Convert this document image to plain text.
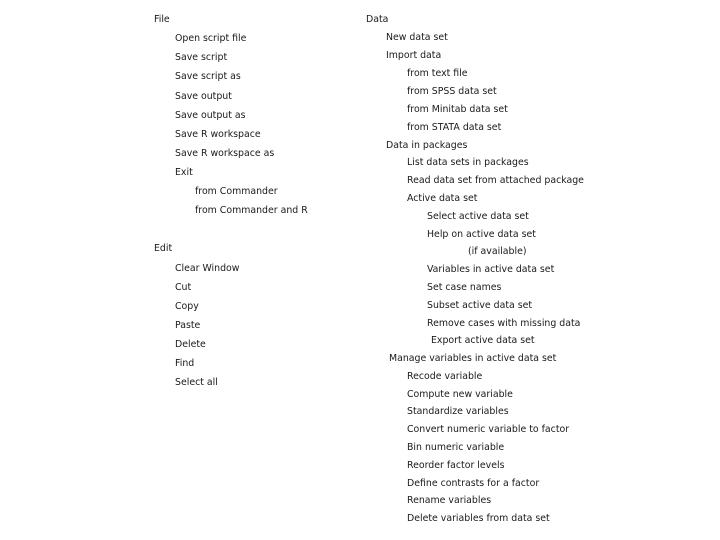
File
Open script file
Save script
Save script as
Save output
Save output as
Save R workspace
Save R workspace as
Exit
from Commander
from Commander and R
Edit
Clear Window
Cut
Copy
Paste
Delete
Find
Select all
Data
New data set
Import data
from text file
from SPSS data set
from Minitab data set
from STATA data set
Data in packages
List data sets in packages
Read data set from attached package
Active data set
Select active data set
Help on active data set
(if available)
Variables in active data set
Set case names
Subset active data set
Remove cases with missing data
Export active data set
Manage variables in active data set
Recode variable
Compute new variable
Standardize variables
Convert numeric variable to factor
Bin numeric variable
Reorder factor levels
Define contrasts for a factor
Rename variables
Delete variables from data set
